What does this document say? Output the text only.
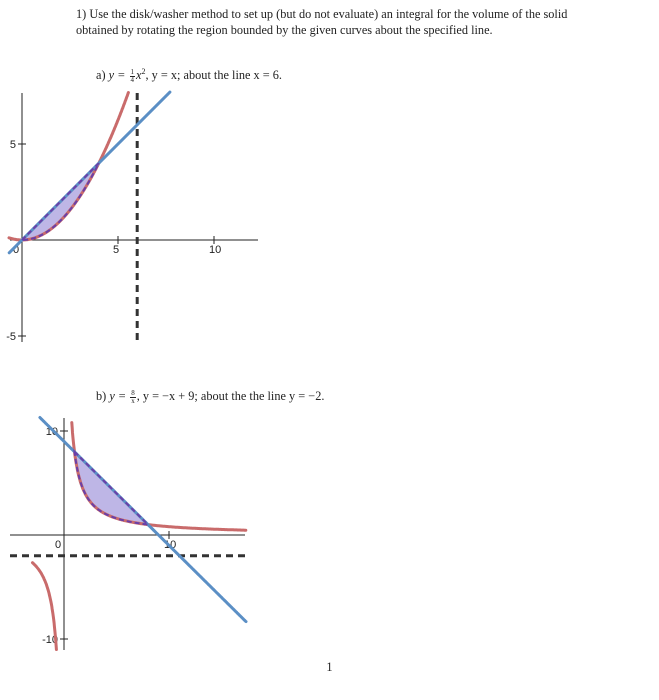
1) Use the disk/washer method to set up (but do not evaluate) an integral for the volume of the solid obtained by rotating the region bounded by the given curves about the specified line.
a) $y = \frac{1}{4} x^2$, y = x; about the line x = 6.
0	5	10
5
-5
b) $y = \frac{8}{x}$ , y = −x + 9; about the the line y = −2.
0	10
10
-10
1
